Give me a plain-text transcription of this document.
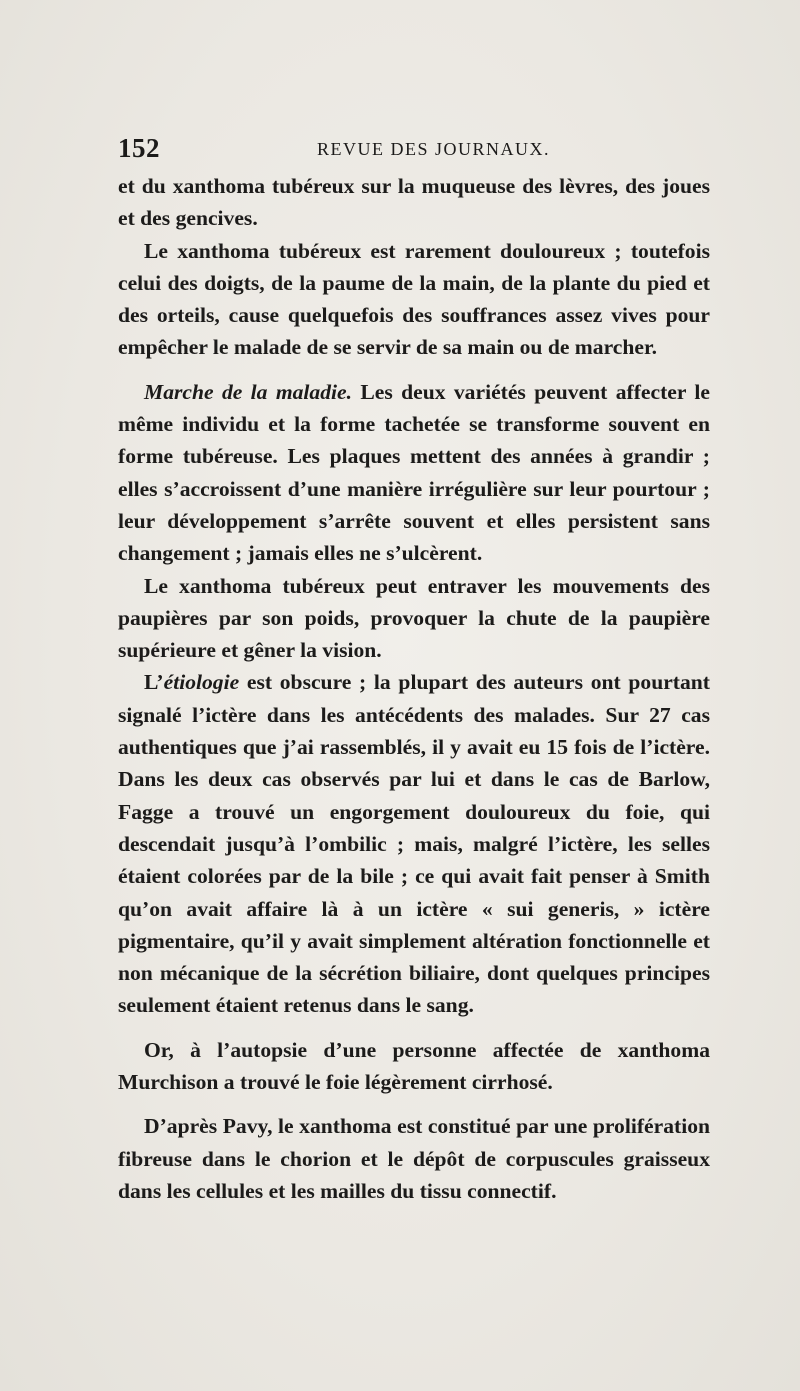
152	REVUE DES JOURNAUX.

et du xanthoma tubéreux sur la muqueuse des lèvres, des joues et des gencives.

Le xanthoma tubéreux est rarement douloureux ; toutefois celui des doigts, de la paume de la main, de la plante du pied et des orteils, cause quelquefois des souffrances assez vives pour empêcher le malade de se servir de sa main ou de marcher.

Marche de la maladie. Les deux variétés peuvent affecter le même individu et la forme tachetée se transforme souvent en forme tubéreuse. Les plaques mettent des années à grandir ; elles s’accroissent d’une manière irrégulière sur leur pourtour ; leur développement s’arrête souvent et elles persistent sans changement ; jamais elles ne s’ulcèrent.

Le xanthoma tubéreux peut entraver les mouvements des paupières par son poids, provoquer la chute de la paupière supérieure et gêner la vision.

L’étiologie est obscure ; la plupart des auteurs ont pourtant signalé l’ictère dans les antécédents des malades. Sur 27 cas authentiques que j’ai rassemblés, il y avait eu 15 fois de l’ictère. Dans les deux cas observés par lui et dans le cas de Barlow, Fagge a trouvé un engorgement douloureux du foie, qui descendait jusqu’à l’ombilic ; mais, malgré l’ictère, les selles étaient colorées par de la bile ; ce qui avait fait penser à Smith qu’on avait affaire là à un ictère « sui generis, » ictère pigmentaire, qu’il y avait simplement altération fonctionnelle et non mécanique de la sécrétion biliaire, dont quelques principes seulement étaient retenus dans le sang.

Or, à l’autopsie d’une personne affectée de xanthoma Murchison a trouvé le foie légèrement cirrhosé.

D’après Pavy, le xanthoma est constitué par une prolifération fibreuse dans le chorion et le dépôt de corpuscules graisseux dans les cellules et les mailles du tissu connectif.
